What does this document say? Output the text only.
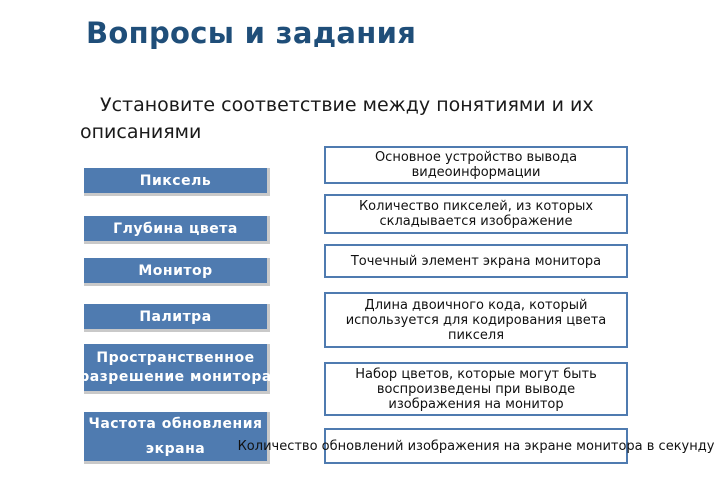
Вопросы и задания
Установите соответствие между понятиями и их описаниями
Пиксель
Глубина цвета
Монитор
Палитра
Пространственное
разрешение монитора
Частота обновления
экрана
Основное устройство вывода видеоинформации
Количество пикселей, из которых складывается изображение
Точечный элемент экрана монитора
Длина двоичного кода, который используется для кодирования цвета пикселя
Набор цветов, которые могут быть воспроизведены при выводе изображения на монитор
Количество обновлений изображения на экране монитора в секунду
